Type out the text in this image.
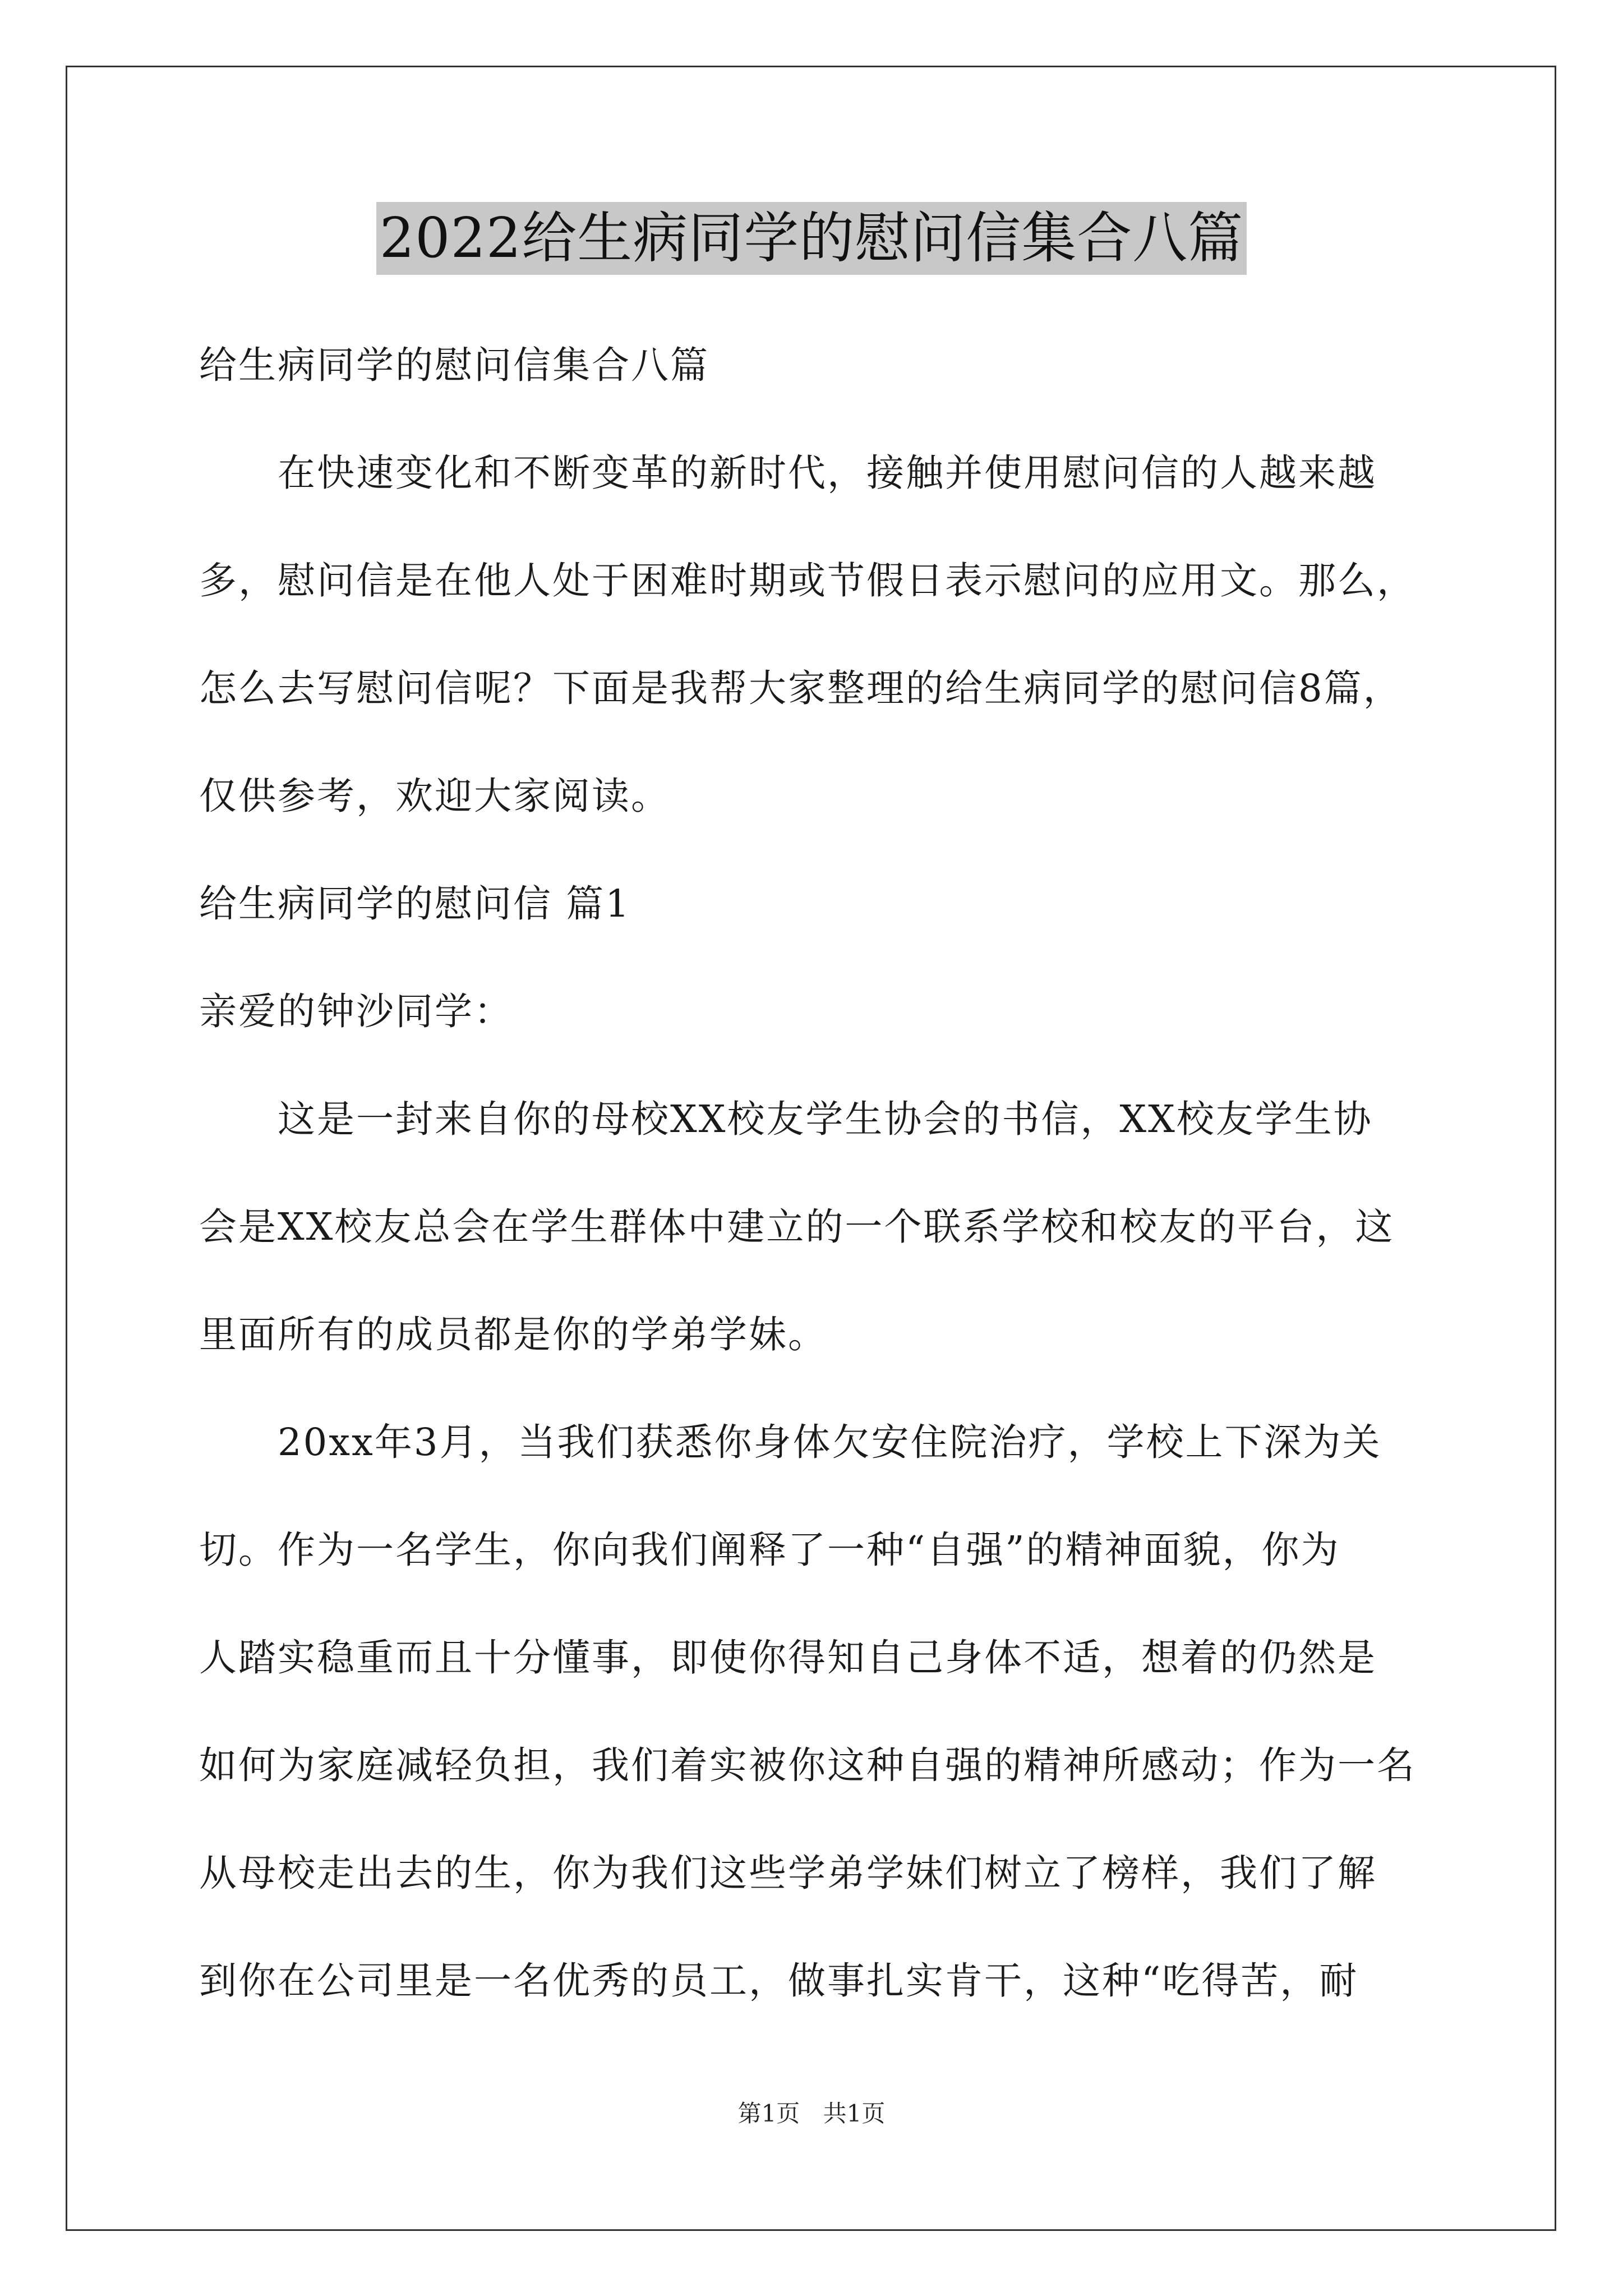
2022给生病同学的慰问信集合八篇
给生病同学的慰问信集合八篇
在快速变化和不断变革的新时代，接触并使用慰问信的人越来越
多，慰问信是在他人处于困难时期或节假日表示慰问的应用文。那么，
怎么去写慰问信呢？下面是我帮大家整理的给生病同学的慰问信8篇，
仅供参考，欢迎大家阅读。
给生病同学的慰问信 篇1
亲爱的钟沙同学：
这是一封来自你的母校XX校友学生协会的书信，XX校友学生协
会是XX校友总会在学生群体中建立的一个联系学校和校友的平台，这
里面所有的成员都是你的学弟学妹。
20xx年3月，当我们获悉你身体欠安住院治疗，学校上下深为关
切。作为一名学生，你向我们阐释了一种“自强”的精神面貌，你为
人踏实稳重而且十分懂事，即使你得知自己身体不适，想着的仍然是
如何为家庭减轻负担，我们着实被你这种自强的精神所感动；作为一名
从母校走出去的生，你为我们这些学弟学妹们树立了榜样，我们了解
到你在公司里是一名优秀的员工，做事扎实肯干，这种“吃得苦，耐
第1页 共1页
